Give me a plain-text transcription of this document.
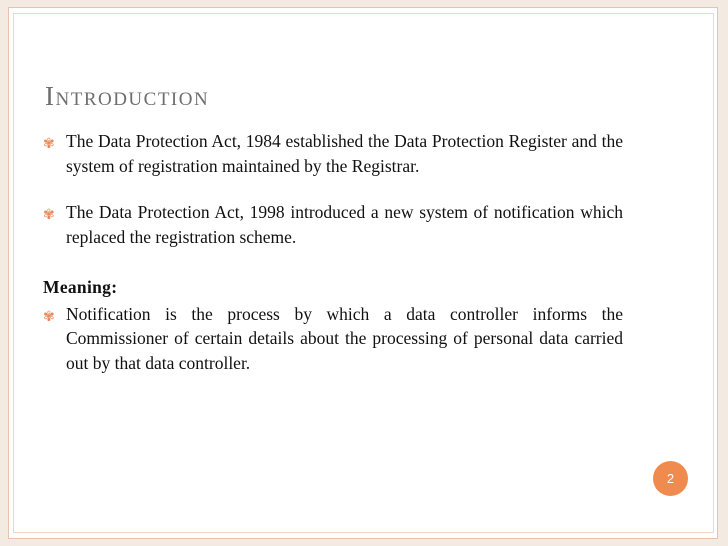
Introduction
✾ The Data Protection Act, 1984 established the Data Protection Register and the system of registration maintained by the Registrar.
✾ The Data Protection Act, 1998 introduced a new system of notification which replaced the registration scheme.
Meaning:
✾ Notification is the process by which a data controller informs the Commissioner of certain details about the processing of personal data carried out by that data controller.
2
